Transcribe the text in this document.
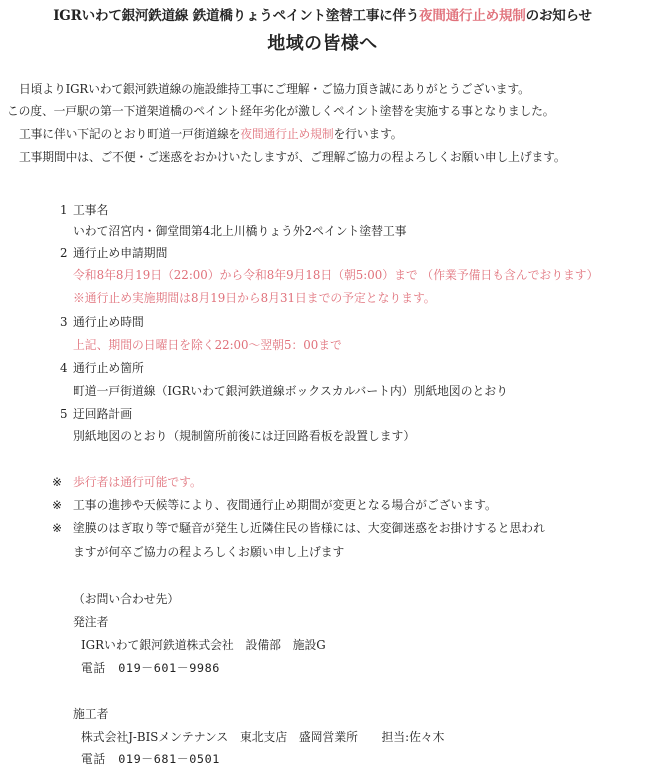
IGRいわて銀河鉄道線 鉄道橋りょうペイント塗替工事に伴う夜間通行止め規制のお知らせ
地域の皆様へ
日頃よりIGRいわて銀河鉄道線の施設維持工事にご理解・ご協力頂き誠にありがとうございます。
この度、一戸駅の第一下道架道橋のペイント経年劣化が激しくペイント塗替を実施する事となりました。
工事に伴い下記のとおり町道一戸街道線を夜間通行止め規制を行います。
工事期間中は、ご不便・ご迷惑をおかけいたしますが、ご理解ご協力の程よろしくお願い申し上げます。
1 工事名
いわて沼宮内・御堂間第4北上川橋りょう外2ペイント塗替工事
2 通行止め申請期間
令和8年8月19日（22:00）から令和8年9月18日（朝5:00）まで （作業予備日も含んでおります）
※通行止め実施期間は8月19日から8月31日までの予定となります。
3 通行止め時間
上記、期間の日曜日を除く22:00～翌朝5：00まで
4 通行止め箇所
町道一戸街道線（IGRいわて銀河鉄道線ボックスカルバート内）別紙地図のとおり
5 迂回路計画
別紙地図のとおり（規制箇所前後には迂回路看板を設置します）
※ 歩行者は通行可能です。
※ 工事の進捗や天候等により、夜間通行止め期間が変更となる場合がございます。
※ 塗膜のはぎ取り等で騒音が発生し近隣住民の皆様には、大変御迷惑をお掛けすると思われ
ますが何卒ご協力の程よろしくお願い申し上げます
（お問い合わせ先）
発注者
IGRいわて銀河鉄道株式会社　設備部　施設G
電話　019－601－9986
施工者
株式会社J-BISメンテナンス　東北支店　盛岡営業所　　担当:佐々木
電話　019－681－0501
